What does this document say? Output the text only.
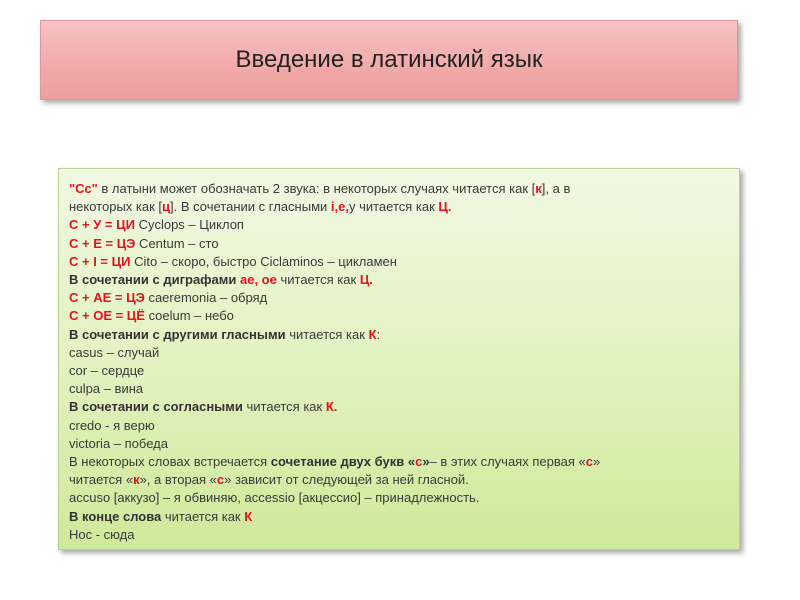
Введение в латинский язык
"Сс" в латыни может обозначать 2 звука: в некоторых случаях читается как [к], а в
некоторых как [ц]. В сочетании с гласными i,e,у читается как Ц.
С + У = ЦИ Cyclops – Циклоп
С + Е = ЦЭ Centum – сто
С + I = ЦИ Cito – скоро, быстро Ciclaminos – цикламен
В сочетании с диграфами ae, oe читается как Ц.
С + АЕ = ЦЭ caeremonia – обряд
С + ОЕ = ЦЁ coelum – небо
В сочетании с другими гласными читается как К:
casus – случай
cor – сердце
culpa – вина
В сочетании с согласными читается как К.
credo - я верю
victoria – победа
В некоторых словах встречается сочетание двух букв «с»– в этих случаях первая «с»
читается «к», а вторая «с» зависит от следующей за ней гласной.
accuso [аккузо] – я обвиняю, accessio [акцессио] – принадлежность.
В конце слова читается как К
Hoc - сюда
